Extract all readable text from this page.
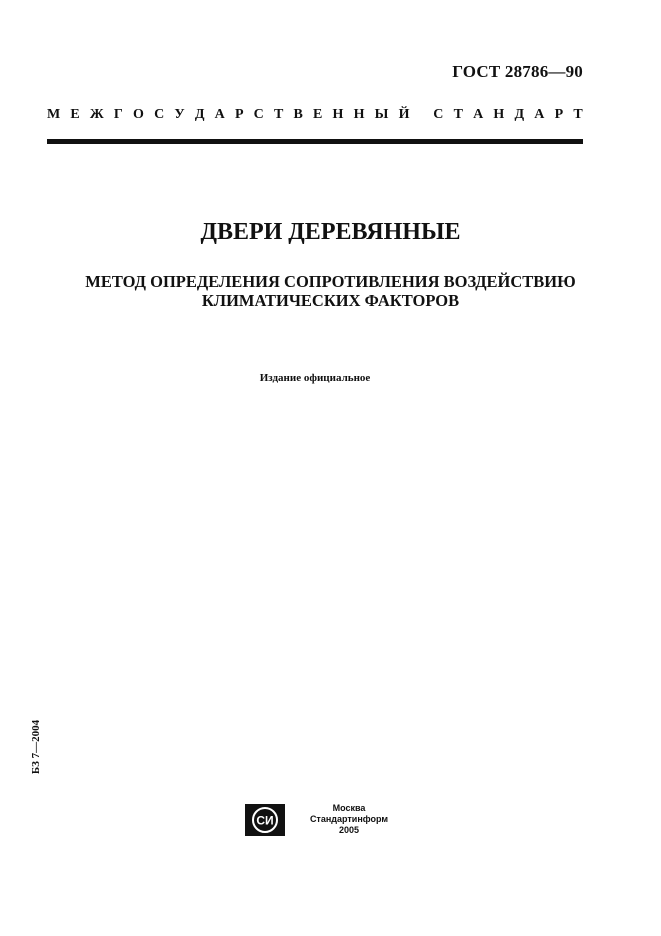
ГОСТ 28786—90
М Е Ж Г О С У Д А Р С Т В Е Н Н Ы Й
С Т А Н Д А Р Т
ДВЕРИ ДЕРЕВЯННЫЕ
МЕТОД ОПРЕДЕЛЕНИЯ СОПРОТИВЛЕНИЯ ВОЗДЕЙСТВИЮ
КЛИМАТИЧЕСКИХ ФАКТОРОВ
Издание официальное
БЗ 7—2004
СИ
Москва
Стандартинформ
2005
